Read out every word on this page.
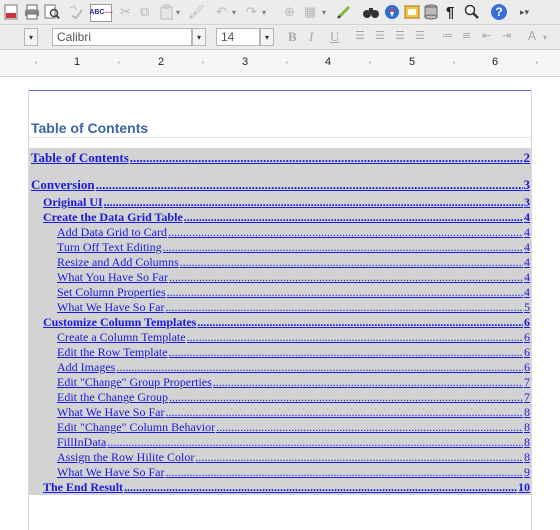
ABC ~~ ✂ ⧉	▾ 🖌 ↶ ▾ ↷ ▾ ⊕ ▦ ▾	¶	?	▸▾
▾	Calibri	▾	14	▾	B I U ☰ ☰ ☰ ☰ ≔ ≡ ⇤ ⇥ A ▾
'	1	'	2	'	3	'	4	'	5	'	6	'
Table of Contents
Table of Contents .....	2
Conversion .....	3
Original UI .....	3
Create the Data Grid Table .....	4
Add Data Grid to Card .....	4
Turn Off Text Editing .....	4
Resize and Add Columns .....	4
What You Have So Far .....	4
Set Column Properties .....	4
What We Have So Far .....	5
Customize Column Templates .....	6
Create a Column Template .....	6
Edit the Row Template .....	6
Add Images .....	6
Edit "Change" Group Properties .....	7
Edit the Change Group .....	7
What We Have So Far .....	8
Edit "Change" Column Behavior .....	8
FillInData .....	8
Assign the Row Hilite Color .....	8
What We Have So Far .....	9
The End Result .....	10
